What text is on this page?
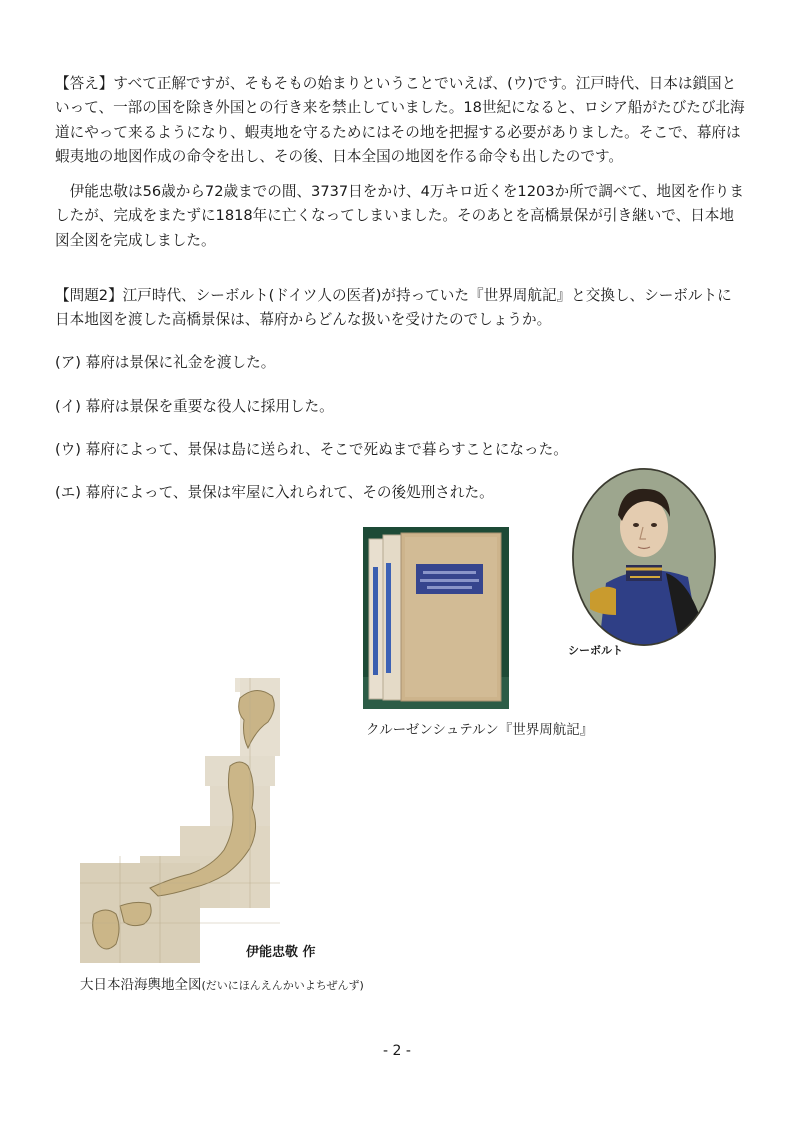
【答え】すべて正解ですが、そもそもの始まりということでいえば、(ウ)です。江戸時代、日本は鎖国といって、一部の国を除き外国との行き来を禁止していました。18世紀になると、ロシア船がたびたび北海道にやって来るようになり、蝦夷地を守るためにはその地を把握する必要がありました。そこで、幕府は蝦夷地の地図作成の命令を出し、その後、日本全国の地図を作る命令も出したのです。

伊能忠敬は56歳から72歳までの間、3737日をかけ、4万キロ近くを1203か所で調べて、地図を作りましたが、完成をまたずに1818年に亡くなってしまいました。そのあとを高橋景保が引き継いで、日本地図全図を完成しました。

【問題2】江戸時代、シーボルト(ドイツ人の医者)が持っていた『世界周航記』と交換し、シーボルトに日本地図を渡した高橋景保は、幕府からどんな扱いを受けたのでしょうか。

(ア) 幕府は景保に礼金を渡した。
(イ) 幕府は景保を重要な役人に採用した。
(ウ) 幕府によって、景保は島に送られ、そこで死ぬまで暮らすことになった。
(エ) 幕府によって、景保は牢屋に入れられて、その後処刑された。
クルーゼンシュテルン『世界周航記』
シーボルト
伊能忠敬 作
大日本沿海輿地全図(だいにほんえんかいよちぜんず)
- 2 -
